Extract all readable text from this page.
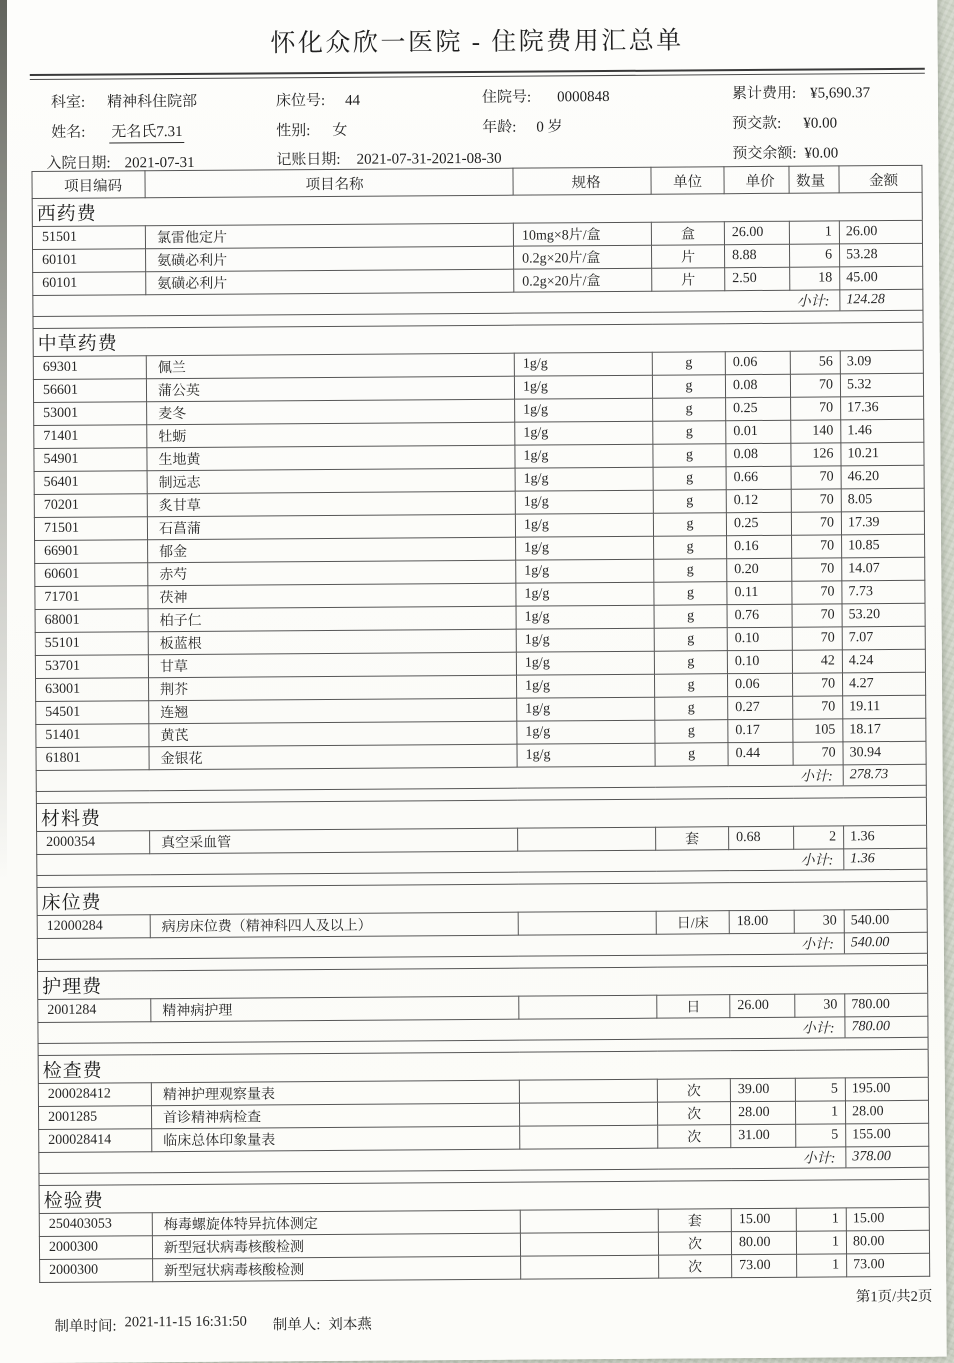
怀化众欣一医院 - 住院费用汇总单
科室: 精神科住院部	床位号: 44	住院号: 0000848	累计费用: ¥5,690.37
姓名: 无名氏7.31	性别: 女	年龄: 0 岁	预交款: ¥0.00
入院日期: 2021-07-31	记账日期: 2021-07-31-2021-08-30	预交余额: ¥0.00
项目编码	项目名称	规格	单位	单价	数量	金额
西药费						
51501	氯雷他定片	10mg×8片/盒	盒	26.00	1	26.00
60101	氨磺必利片	0.2g×20片/盒	片	8.88	6	53.28
60101	氨磺必利片	0.2g×20片/盒	片	2.50	18	45.00
				小计:		124.28

中草药费						
69301	佩兰	1g/g	g	0.06	56	3.09
56601	蒲公英	1g/g	g	0.08	70	5.32
53001	麦冬	1g/g	g	0.25	70	17.36
71401	牡蛎	1g/g	g	0.01	140	1.46
54901	生地黄	1g/g	g	0.08	126	10.21
56401	制远志	1g/g	g	0.66	70	46.20
70201	炙甘草	1g/g	g	0.12	70	8.05
71501	石菖蒲	1g/g	g	0.25	70	17.39
66901	郁金	1g/g	g	0.16	70	10.85
60601	赤芍	1g/g	g	0.20	70	14.07
71701	茯神	1g/g	g	0.11	70	7.73
68001	柏子仁	1g/g	g	0.76	70	53.20
55101	板蓝根	1g/g	g	0.10	70	7.07
53701	甘草	1g/g	g	0.10	42	4.24
63001	荆芥	1g/g	g	0.06	70	4.27
54501	连翘	1g/g	g	0.27	70	19.11
51401	黄芪	1g/g	g	0.17	105	18.17
61801	金银花	1g/g	g	0.44	70	30.94
				小计:		278.73

材料费						
2000354	真空采血管		套	0.68	2	1.36
				小计:		1.36

床位费						
12000284	病房床位费（精神科四人及以上）		日/床	18.00	30	540.00
				小计:		540.00

护理费						
2001284	精神病护理		日	26.00	30	780.00
				小计:		780.00

检查费						
200028412	精神护理观察量表		次	39.00	5	195.00
2001285	首诊精神病检查		次	28.00	1	28.00
200028414	临床总体印象量表		次	31.00	5	155.00
				小计:		378.00

检验费						
250403053	梅毒螺旋体特异抗体测定		套	15.00	1	15.00
2000300	新型冠状病毒核酸检测		次	80.00	1	80.00
2000300	新型冠状病毒核酸检测		次	73.00	1	73.00
第1页/共2页
制单时间: 2021-11-15 16:31:50 制单人: 刘本燕
